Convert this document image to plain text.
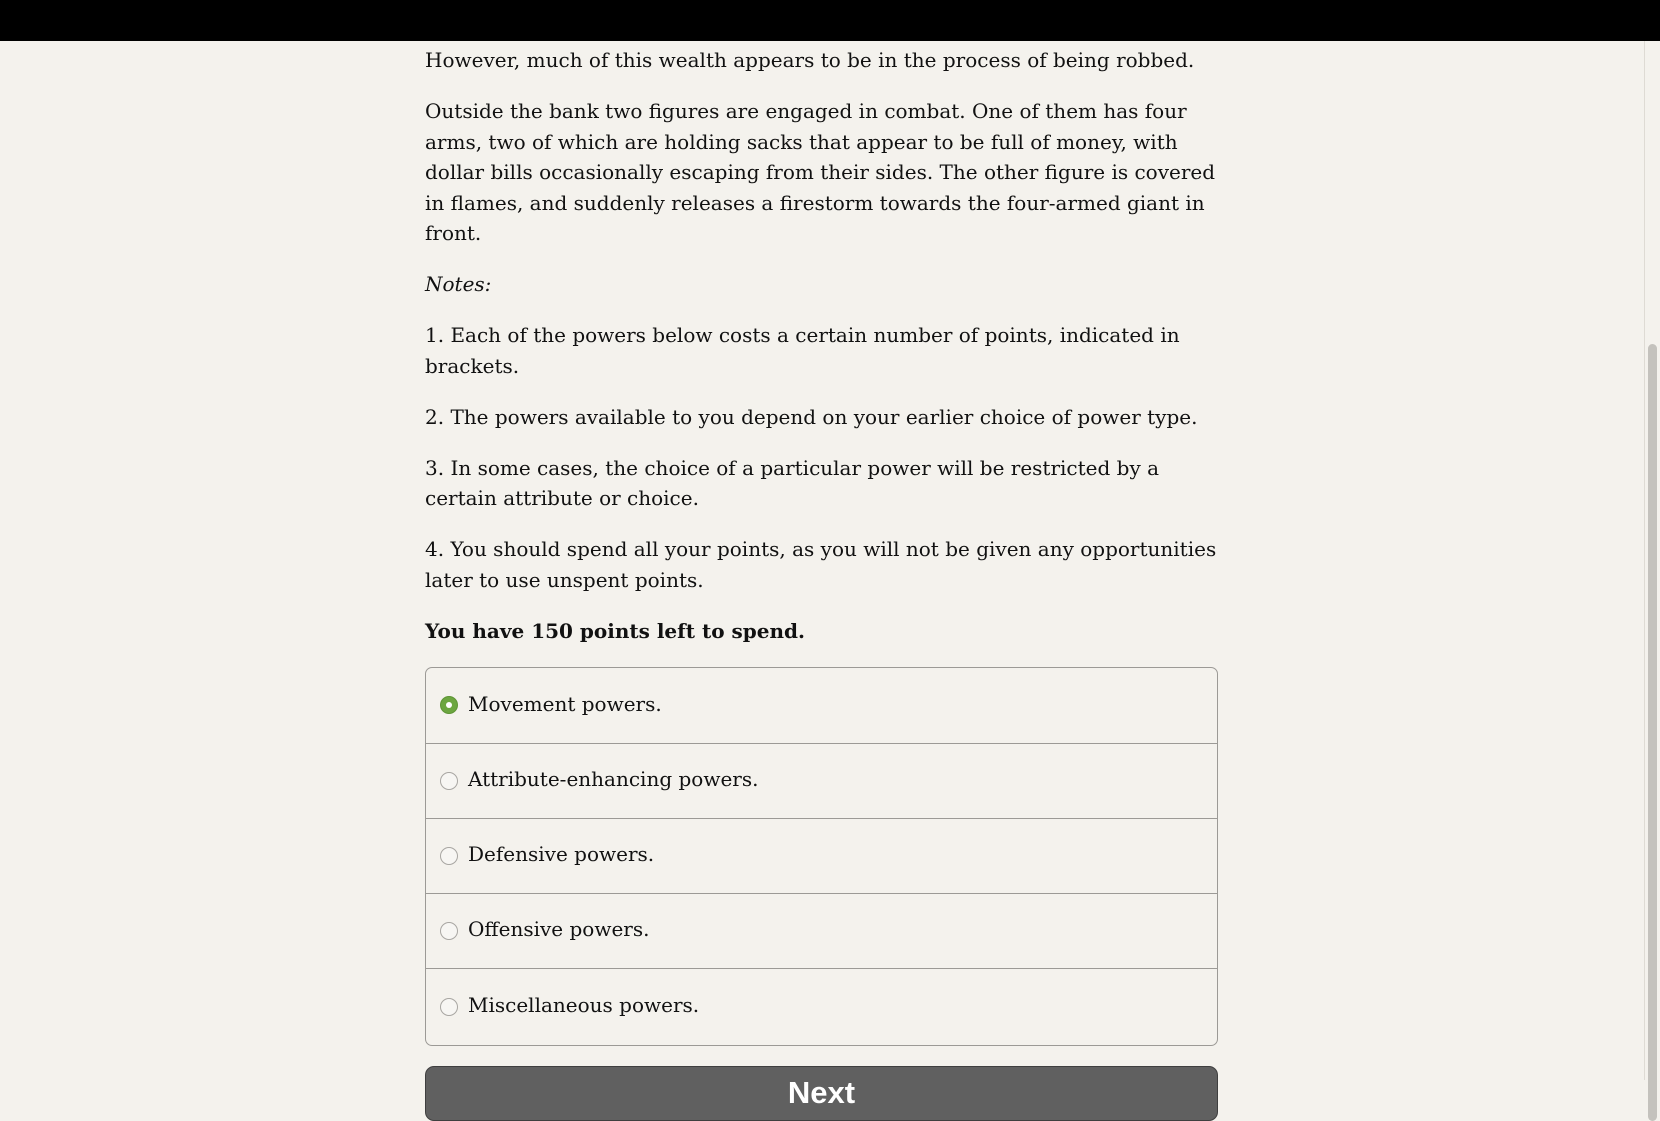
However, much of this wealth appears to be in the process of being robbed.

Outside the bank two figures are engaged in combat. One of them has four arms, two of which are holding sacks that appear to be full of money, with dollar bills occasionally escaping from their sides. The other figure is covered in flames, and suddenly releases a firestorm towards the four-armed giant in front.

Notes:

1. Each of the powers below costs a certain number of points, indicated in brackets.

2. The powers available to you depend on your earlier choice of power type.

3. In some cases, the choice of a particular power will be restricted by a certain attribute or choice.

4. You should spend all your points, as you will not be given any opportunities later to use unspent points.

You have 150 points left to spend.

Movement powers.
Attribute-enhancing powers.
Defensive powers.
Offensive powers.
Miscellaneous powers.
Next
